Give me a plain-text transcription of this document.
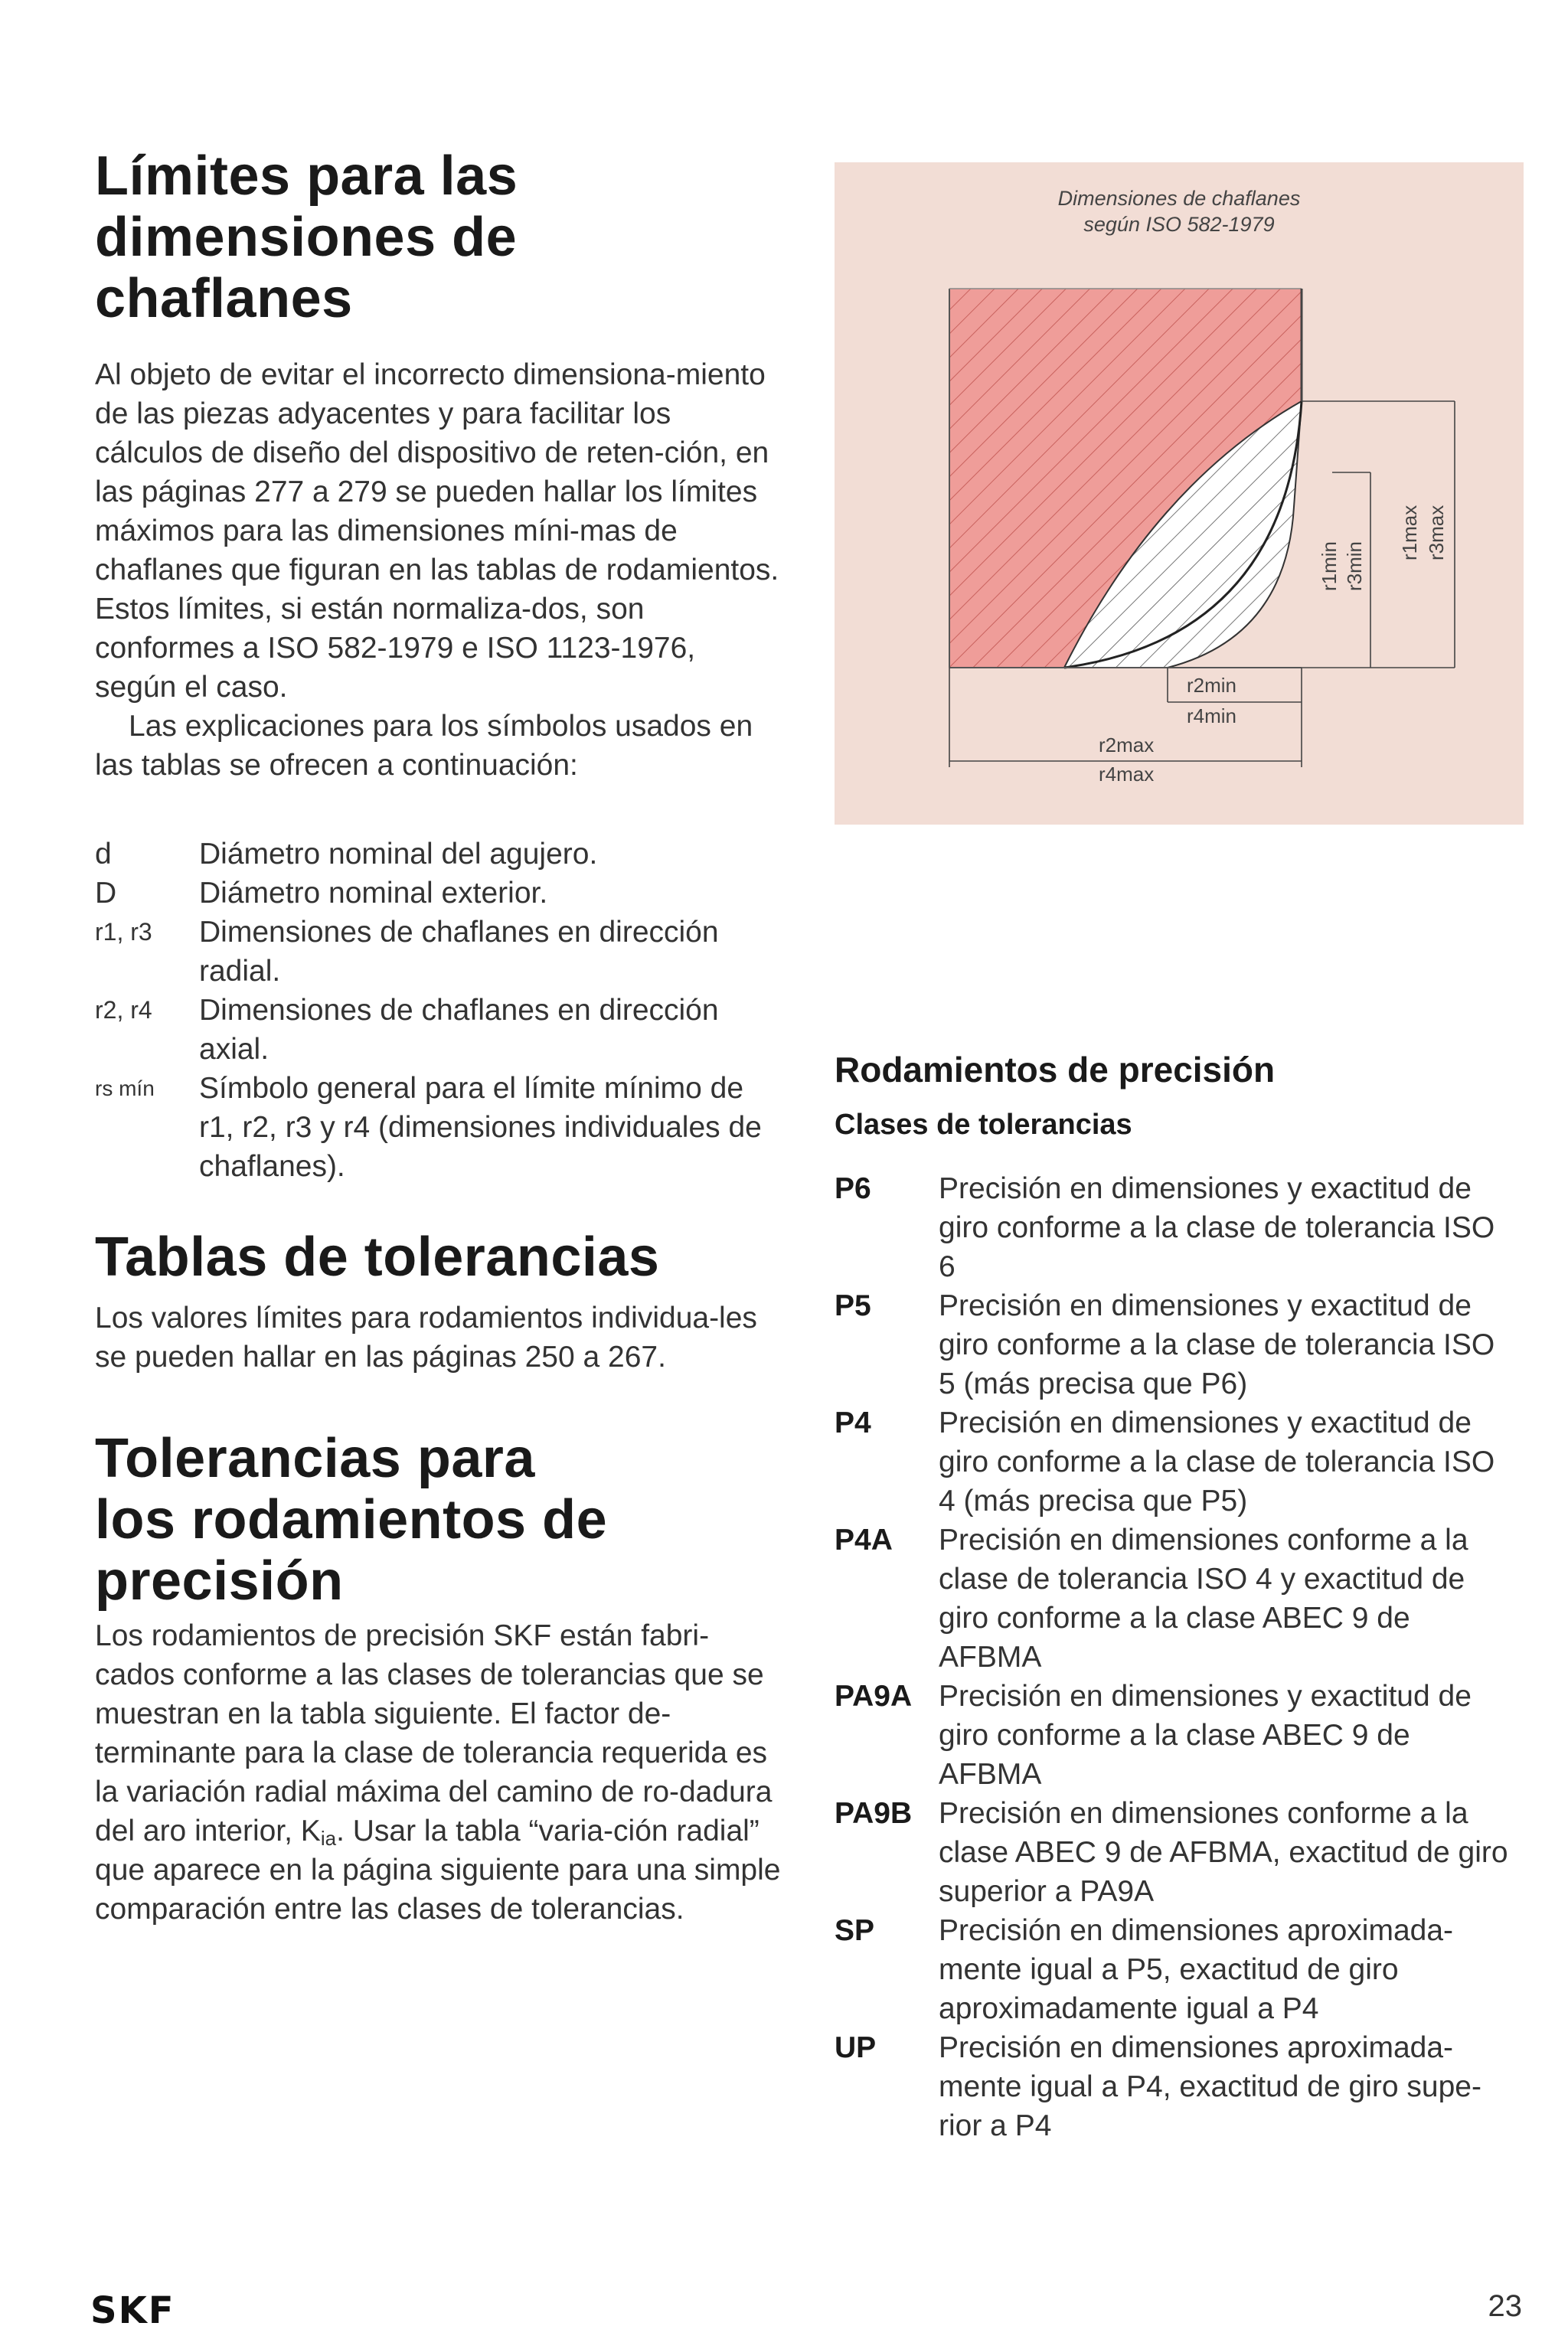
Límites para las
dimensiones de
chaflanes

Al objeto de evitar el incorrecto dimensiona-miento de las piezas adyacentes y para facilitar los cálculos de diseño del dispositivo de reten-ción, en las páginas 277 a 279 se pueden hallar los límites máximos para las dimensiones míni-mas de chaflanes que figuran en las tablas de rodamientos. Estos límites, si están normaliza-dos, son conformes a ISO 582-1979 e ISO 1123-1976, según el caso.

Las explicaciones para los símbolos usados en las tablas se ofrecen a continuación:

d	Diámetro nominal del agujero.
D	Diámetro nominal exterior.
r1, r3	Dimensiones de chaflanes en dirección radial.
r2, r4	Dimensiones de chaflanes en dirección axial.
rs mín	Símbolo general para el límite mínimo de r1, r2, r3 y r4 (dimensiones individuales de chaflanes).
Tablas de tolerancias

Los valores límites para rodamientos individua-les se pueden hallar en las páginas 250 a 267.

Tolerancias para
los rodamientos de
precisión

Los rodamientos de precisión SKF están fabri-cados conforme a las clases de tolerancias que se muestran en la tabla siguiente. El factor de-terminante para la clase de tolerancia requerida es la variación radial máxima del camino de ro-dadura del aro interior, $K_{ia}$. Usar la tabla “varia-ción radial” que aparece en la página siguiente para una simple comparación entre las clases de tolerancias.

Dimensiones de chaflanes
según ISO 582-1979
r1min r3min
r1max r3max
r2min
r4min
r2max
r4max
Rodamientos de precisión
Clases de tolerancias
P6	Precisión en dimensiones y exactitud de giro conforme a la clase de tolerancia ISO 6
P5	Precisión en dimensiones y exactitud de giro conforme a la clase de tolerancia ISO 5 (más precisa que P6)
P4	Precisión en dimensiones y exactitud de giro conforme a la clase de tolerancia ISO 4 (más precisa que P5)
P4A	Precisión en dimensiones conforme a la clase de tolerancia ISO 4 y exactitud de giro conforme a la clase ABEC 9 de AFBMA
PA9A Precisión en dimensiones y exactitud de giro conforme a la clase ABEC 9 de AFBMA
PA9B Precisión en dimensiones conforme a la clase ABEC 9 de AFBMA, exactitud de giro superior a PA9A
SP	Precisión en dimensiones aproximada-mente igual a P5, exactitud de giro aproximadamente igual a P4
UP	Precisión en dimensiones aproximada-mente igual a P4, exactitud de giro supe-rior a P4
SKF	23
